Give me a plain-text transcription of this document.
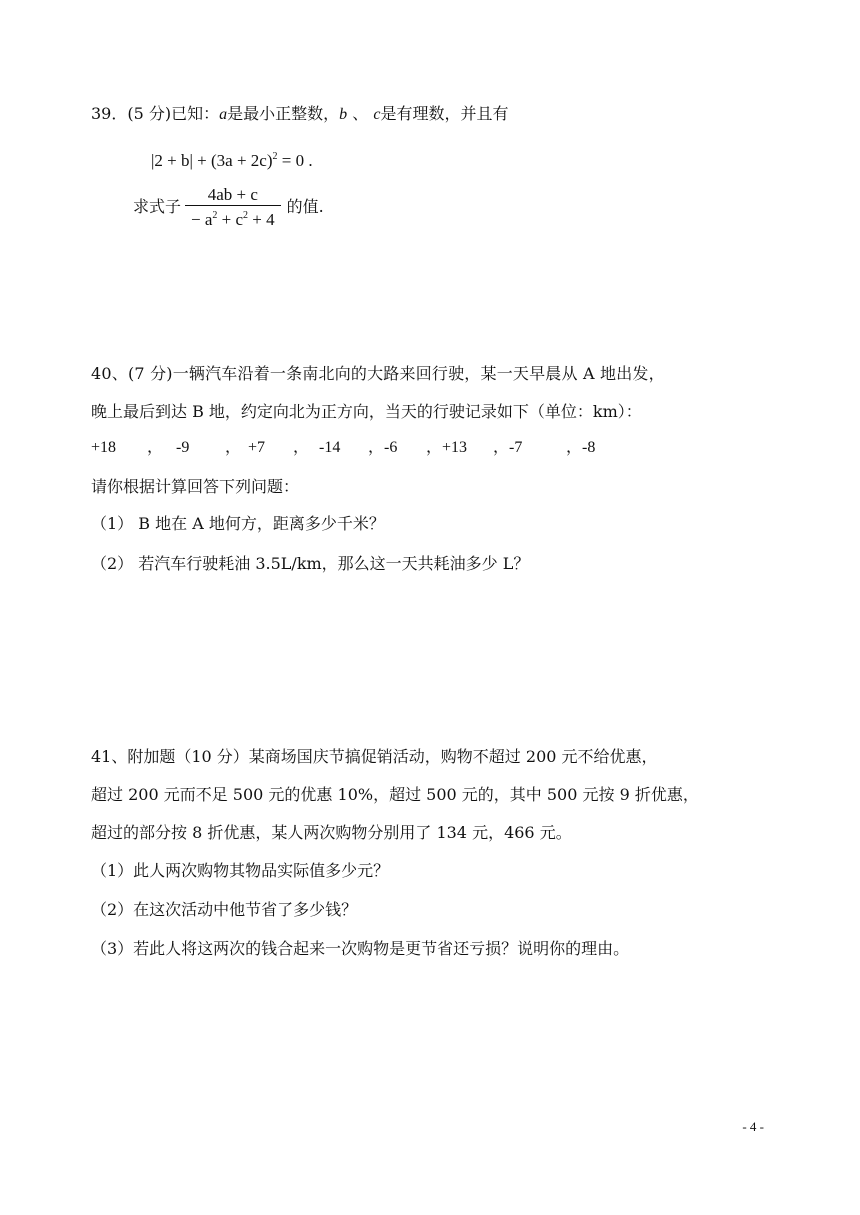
39．(5 分)已知：a是最小正整数，b 、 c是有理数，并且有
$|2 + b| + (3a + 2c)^2 = 0$ .
求式子 $\frac{4ab + c}{- a^2 + c^2 + 4}$ 的值.
40、(7 分)一辆汽车沿着一条南北向的大路来回行驶，某一天早晨从 A 地出发，
晚上最后到达 B 地，约定向北为正方向，当天的行驶记录如下（单位：km）：
+18 ， -9 ， +7 ， -14 ，-6 ，+13 ，-7	，-8
请你根据计算回答下列问题：
（1） B 地在 A 地何方，距离多少千米？
（2） 若汽车行驶耗油 3.5L/km，那么这一天共耗油多少 L？
41、附加题（10 分）某商场国庆节搞促销活动，购物不超过 200 元不给优惠，
超过 200 元而不足 500 元的优惠 10%，超过 500 元的，其中 500 元按 9 折优惠，
超过的部分按 8 折优惠，某人两次购物分别用了 134 元，466 元。
（1）此人两次购物其物品实际值多少元？
（2）在这次活动中他节省了多少钱？
（3）若此人将这两次的钱合起来一次购物是更节省还亏损？说明你的理由。
- 4 -
